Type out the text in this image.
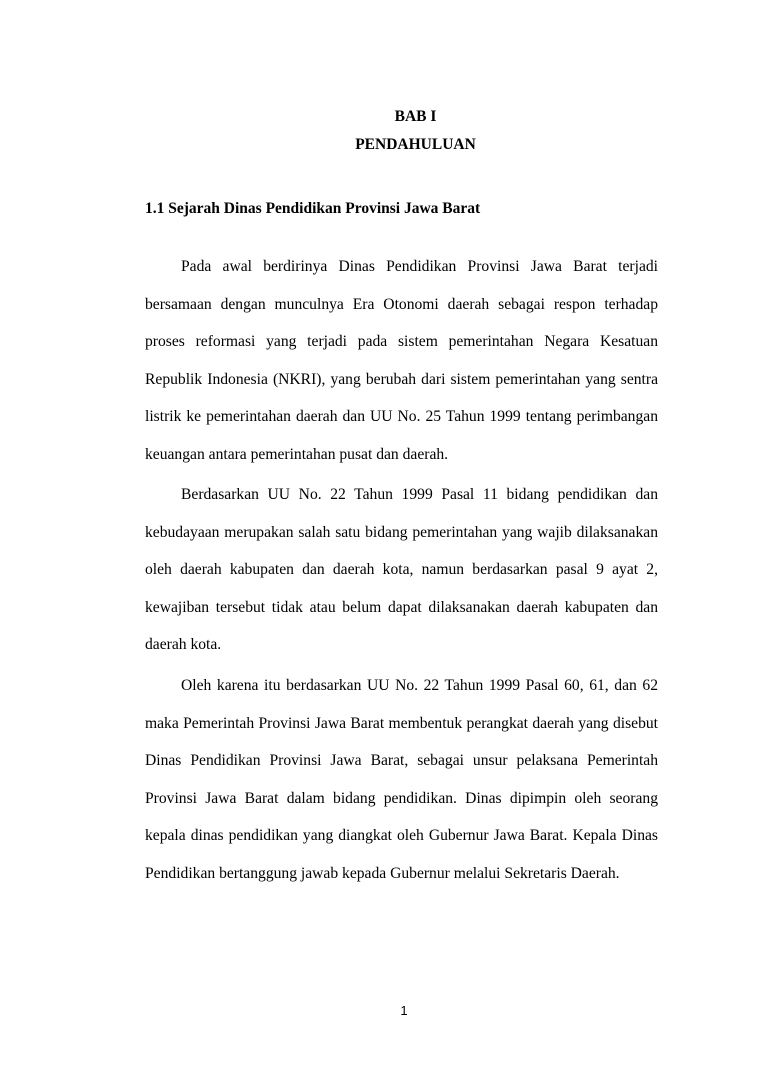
BAB I
PENDAHULUAN
1.1 Sejarah Dinas Pendidikan Provinsi Jawa Barat

Pada awal berdirinya Dinas Pendidikan Provinsi Jawa Barat terjadi bersamaan dengan munculnya Era Otonomi daerah sebagai respon terhadap proses reformasi yang terjadi pada sistem pemerintahan Negara Kesatuan Republik Indonesia (NKRI), yang berubah dari sistem pemerintahan yang sentra listrik ke pemerintahan daerah dan UU No. 25 Tahun 1999 tentang perimbangan keuangan antara pemerintahan pusat dan daerah.

Berdasarkan UU No. 22 Tahun 1999 Pasal 11 bidang pendidikan dan kebudayaan merupakan salah satu bidang pemerintahan yang wajib dilaksanakan oleh daerah kabupaten dan daerah kota, namun berdasarkan pasal 9 ayat 2, kewajiban tersebut tidak atau belum dapat dilaksanakan daerah kabupaten dan daerah kota.

Oleh karena itu berdasarkan UU No. 22 Tahun 1999 Pasal 60, 61, dan 62 maka Pemerintah Provinsi Jawa Barat membentuk perangkat daerah yang disebut Dinas Pendidikan Provinsi Jawa Barat, sebagai unsur pelaksana Pemerintah Provinsi Jawa Barat dalam bidang pendidikan. Dinas dipimpin oleh seorang kepala dinas pendidikan yang diangkat oleh Gubernur Jawa Barat. Kepala Dinas Pendidikan bertanggung jawab kepada Gubernur melalui Sekretaris Daerah.

1
